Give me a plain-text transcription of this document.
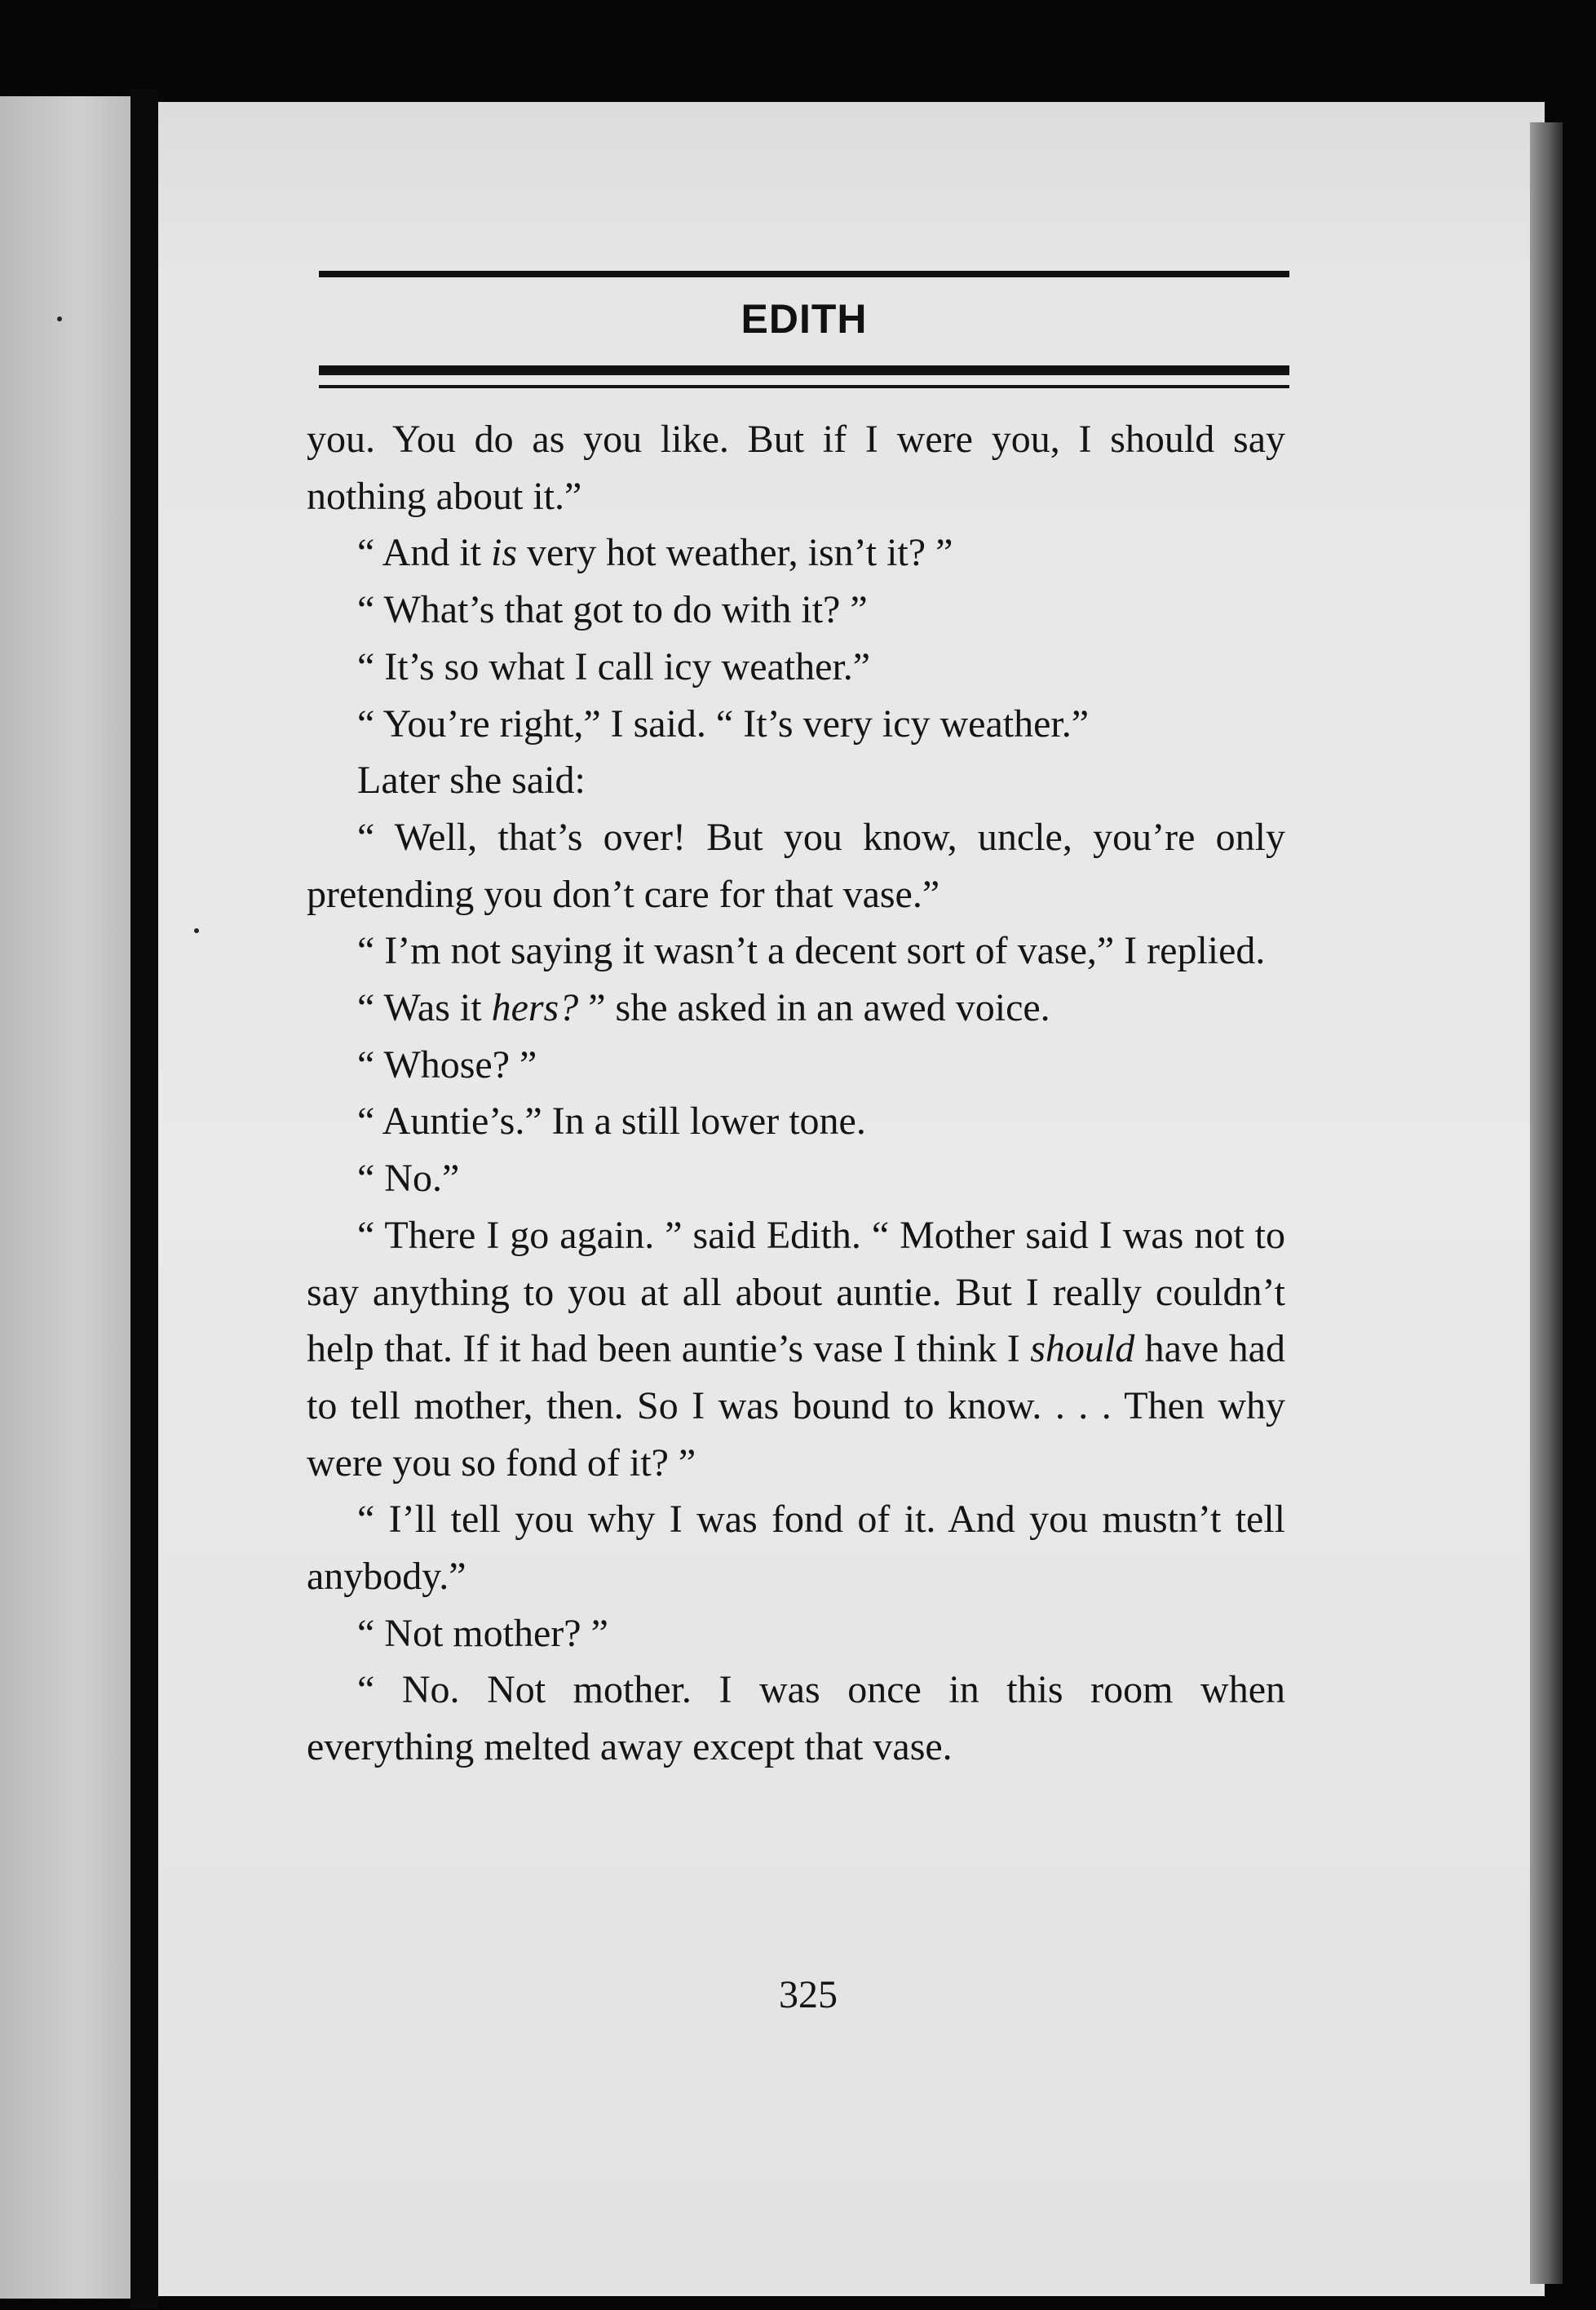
EDITH

you. You do as you like. But if I were you, I should say nothing about it.”

“ And it is very hot weather, isn’t it? ”

“ What’s that got to do with it? ”

“ It’s so what I call icy weather.”

“ You’re right,” I said. “ It’s very icy weather.”

Later she said:

“ Well, that’s over! But you know, uncle, you’re only pretending you don’t care for that vase.”

“ I’m not saying it wasn’t a decent sort of vase,” I replied.

“ Was it hers? ” she asked in an awed voice.

“ Whose? ”

“ Auntie’s.” In a still lower tone.

“ No.”

“ There I go again. ” said Edith. “ Mother said I was not to say anything to you at all about auntie. But I really couldn’t help that. If it had been auntie’s vase I think I should have had to tell mother, then. So I was bound to know. . . . Then why were you so fond of it? ”

“ I’ll tell you why I was fond of it. And you mustn’t tell anybody.”

“ Not mother? ”

“ No. Not mother. I was once in this room when everything melted away except that vase.

325
